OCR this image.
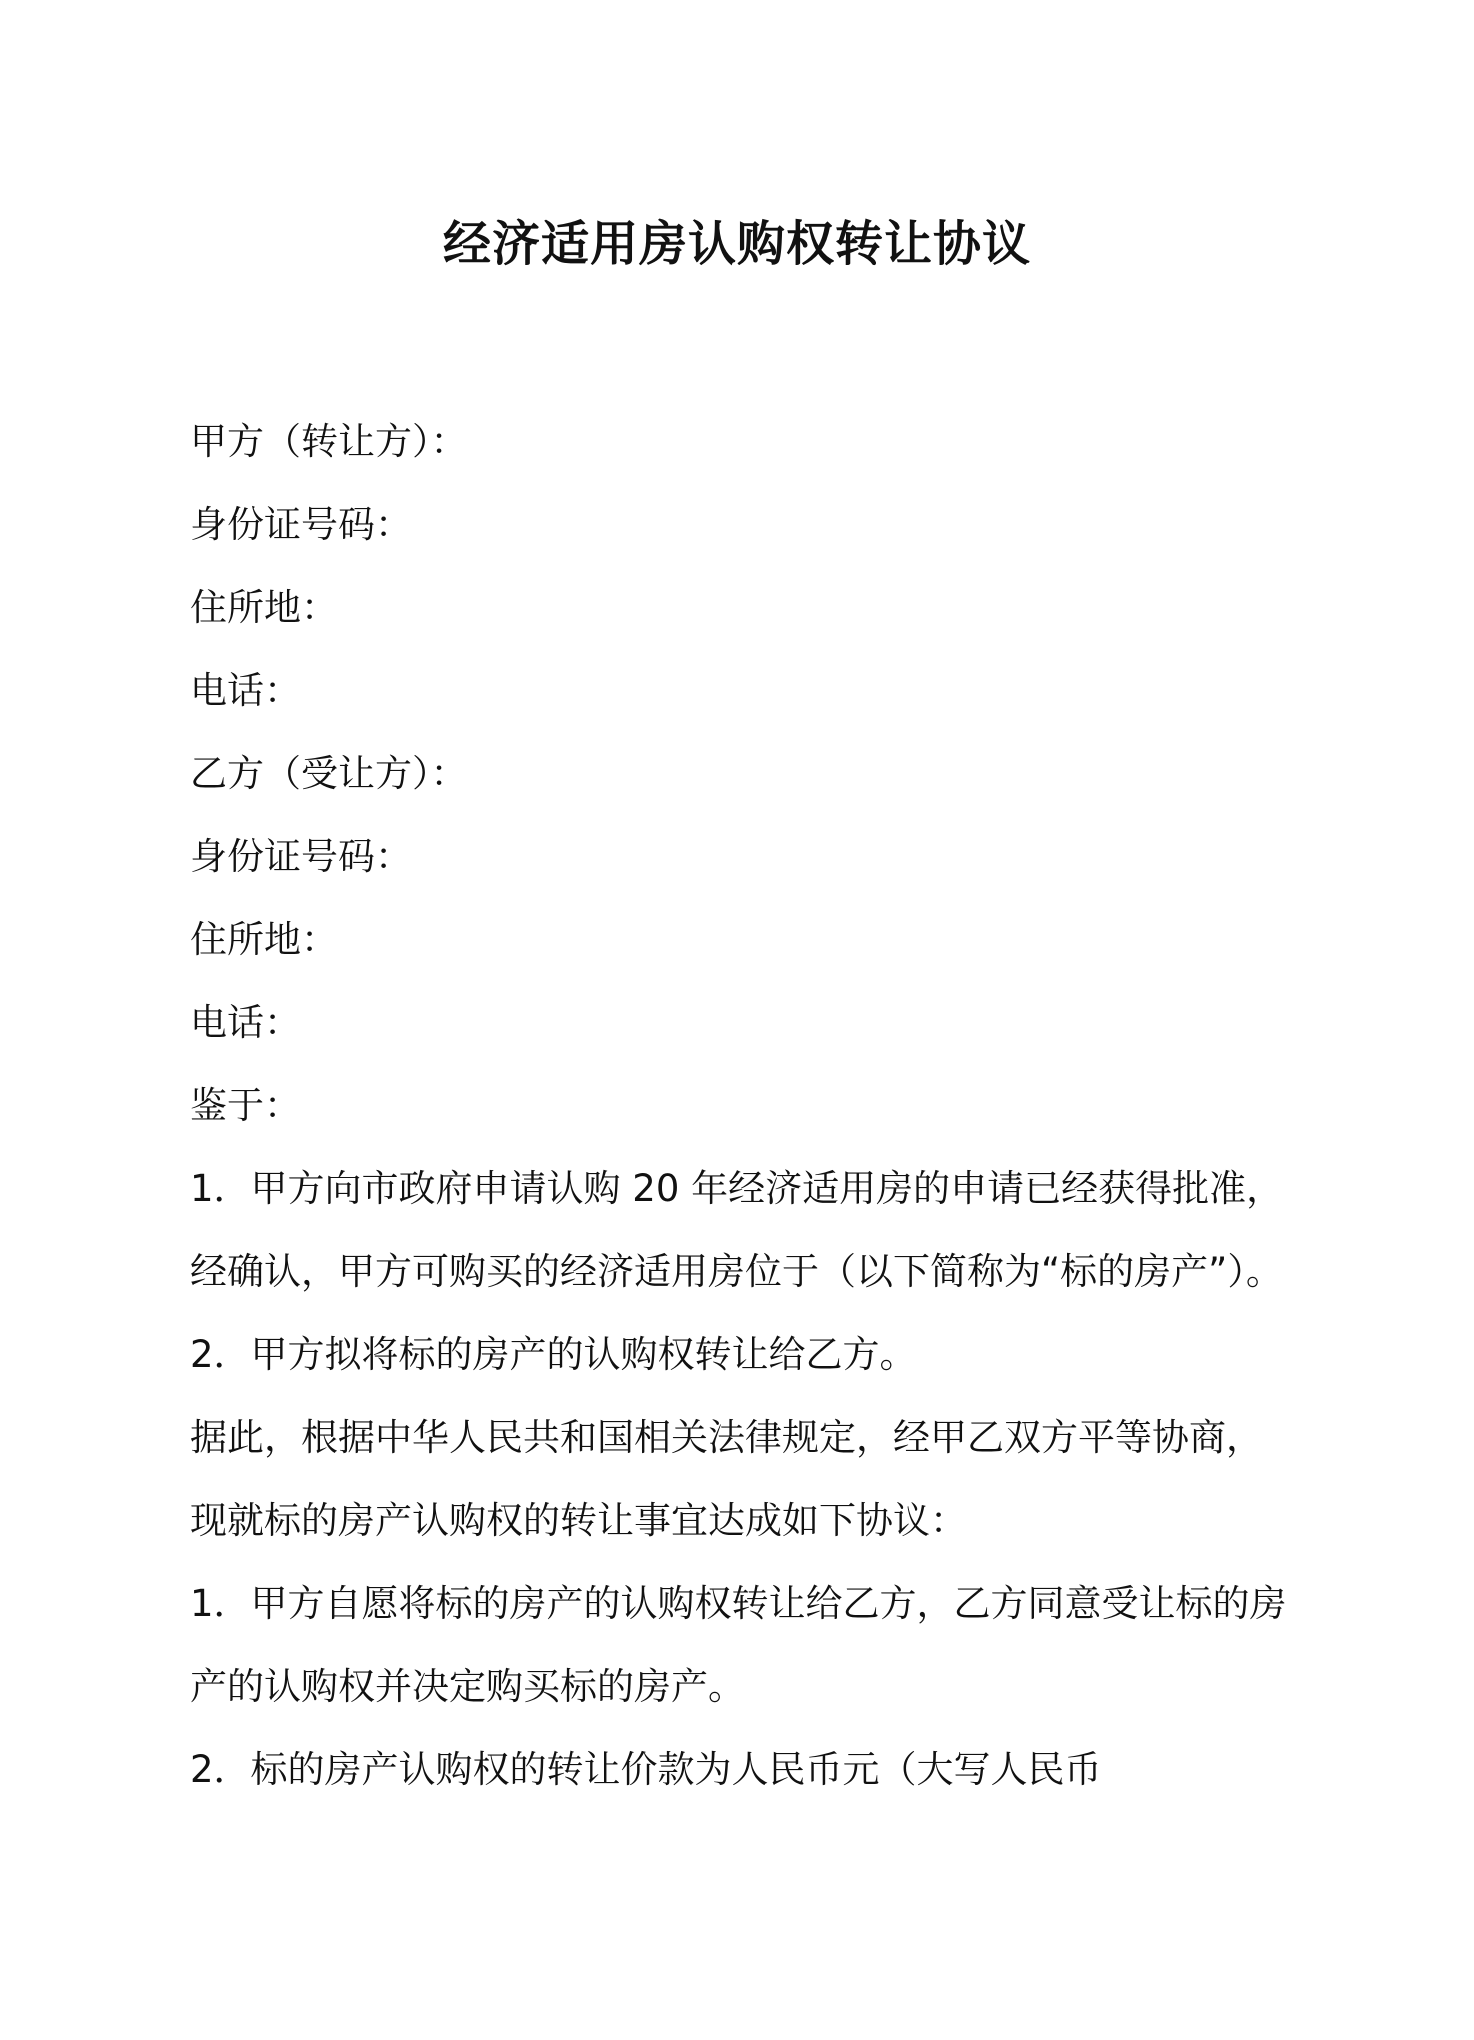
经济适用房认购权转让协议
甲方（转让方）：
身份证号码：
住所地：
电话：
乙方（受让方）：
身份证号码：
住所地：
电话：
鉴于：
1．甲方向市政府申请认购 20 年经济适用房的申请已经获得批准，
经确认，甲方可购买的经济适用房位于（以下简称为“标的房产”）。
2．甲方拟将标的房产的认购权转让给乙方。
据此，根据中华人民共和国相关法律规定，经甲乙双方平等协商，
现就标的房产认购权的转让事宜达成如下协议：
1．甲方自愿将标的房产的认购权转让给乙方，乙方同意受让标的房
产的认购权并决定购买标的房产。
2．标的房产认购权的转让价款为人民币元（大写人民币
